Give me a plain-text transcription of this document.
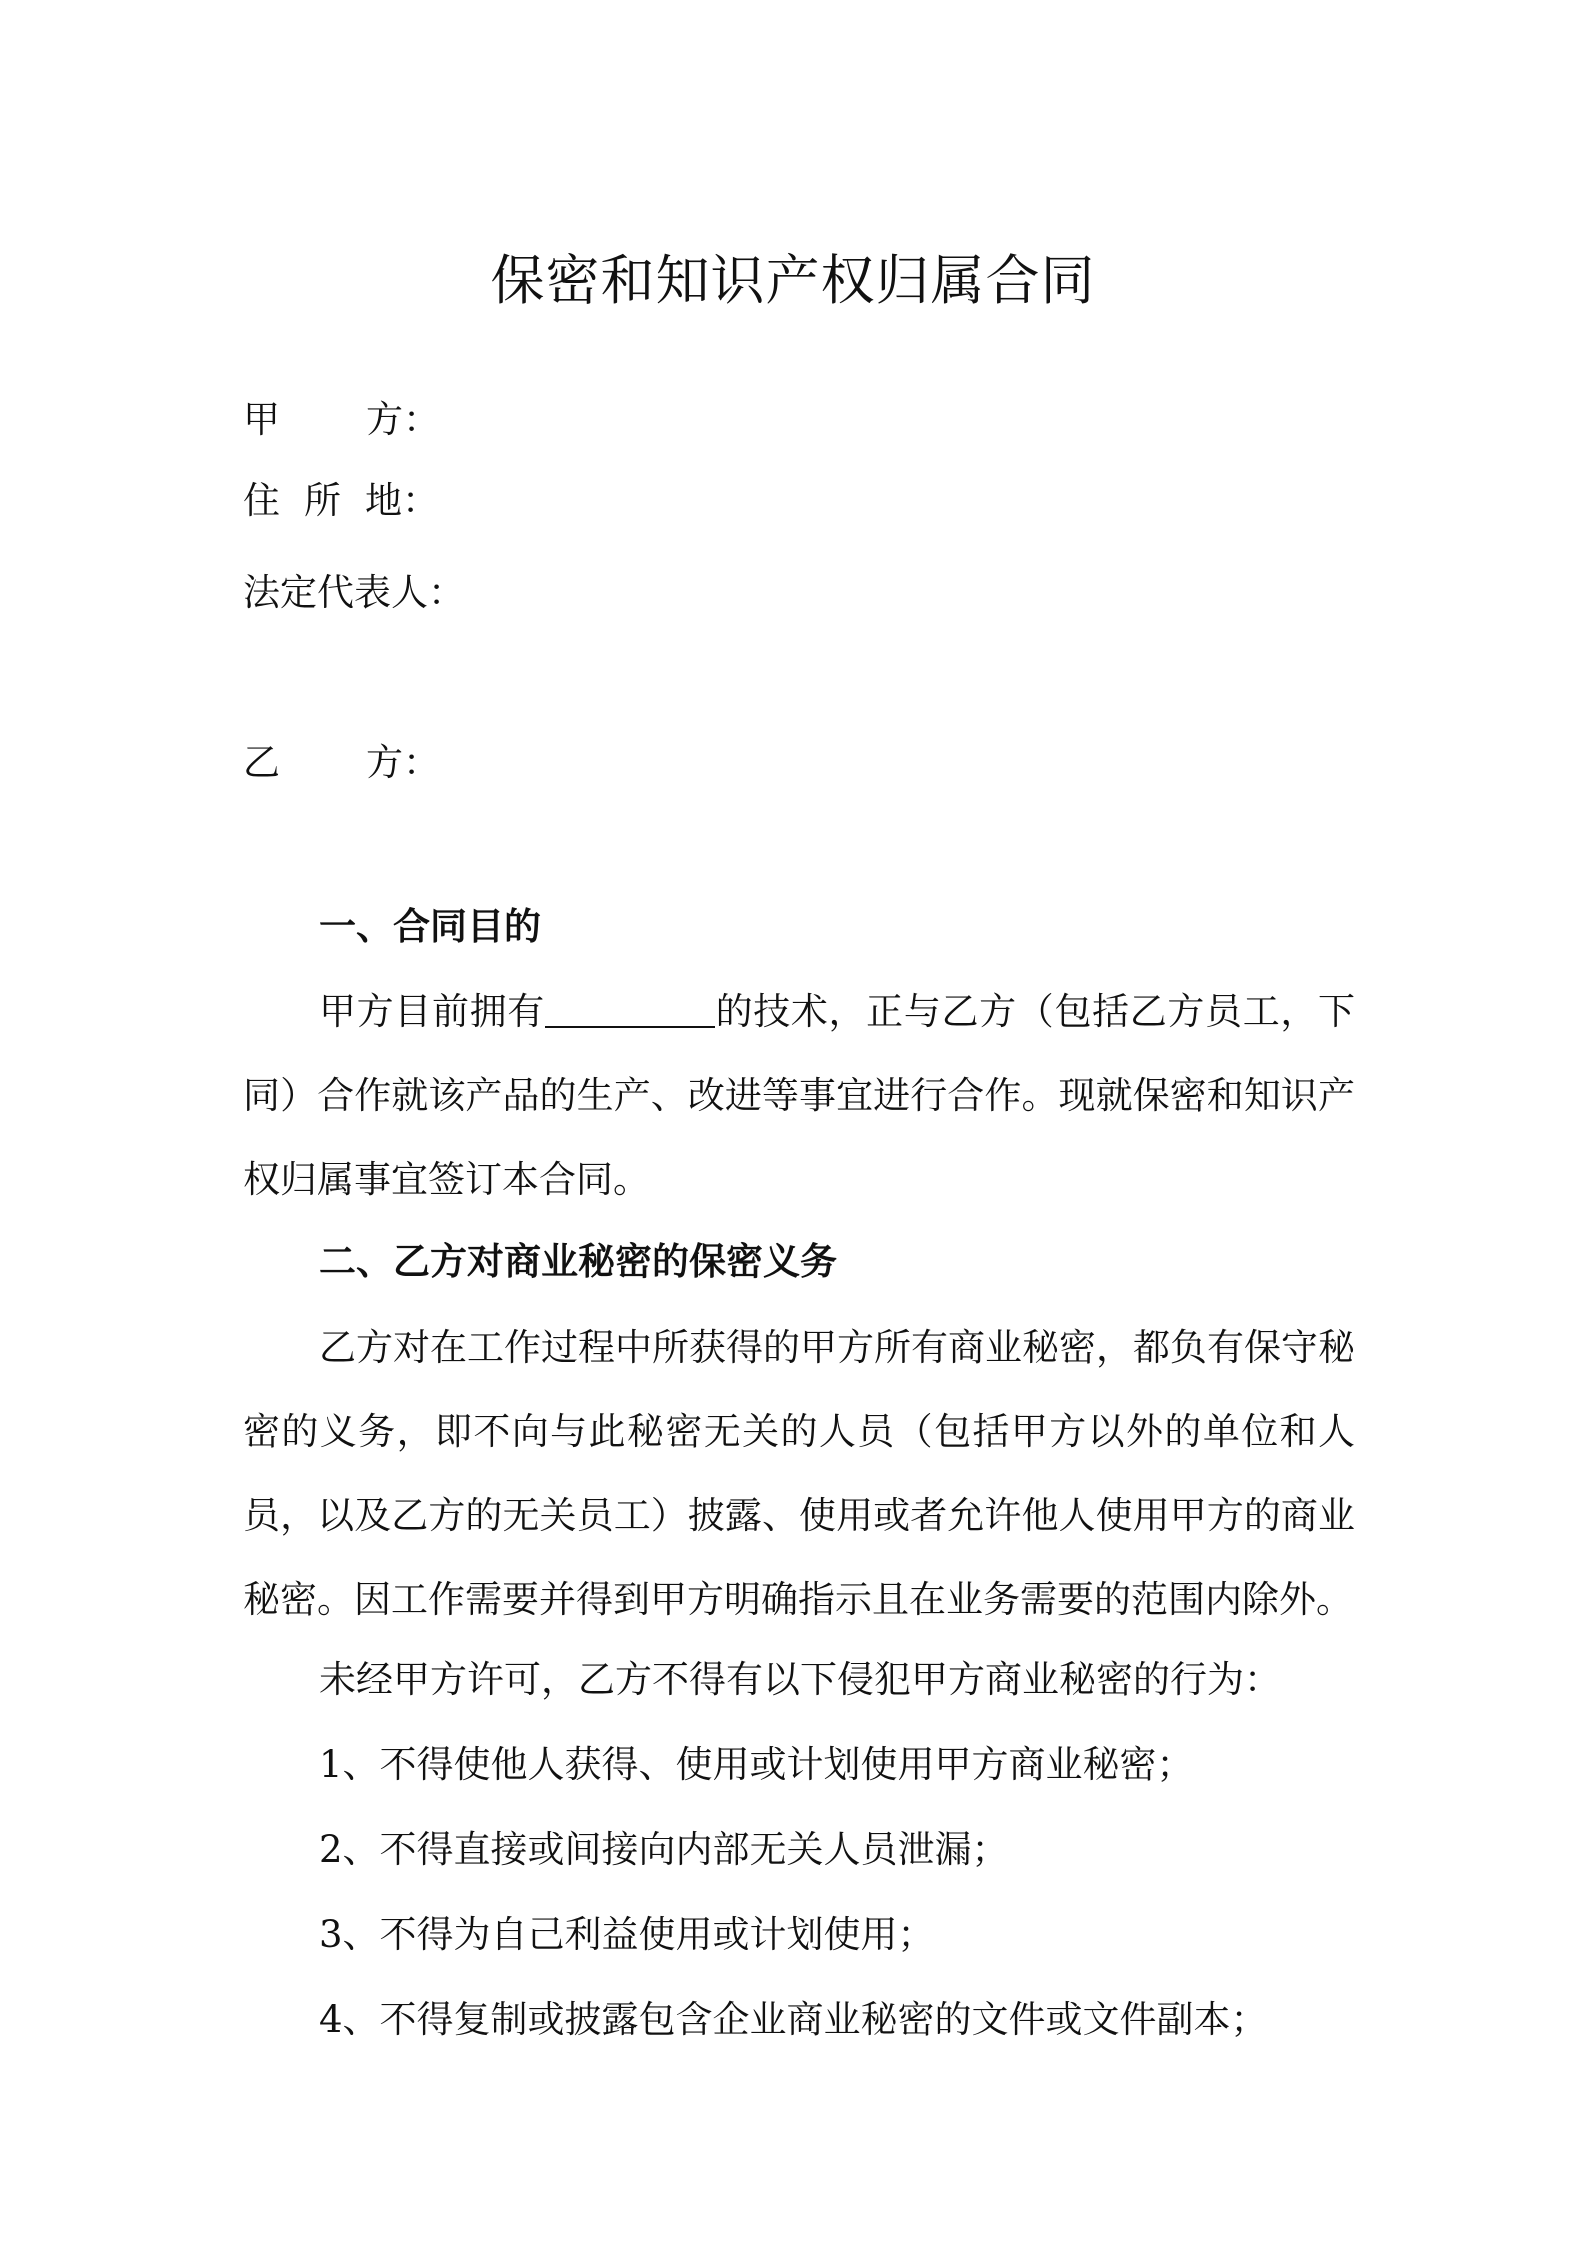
保密和知识产权归属合同
甲 方：
住 所 地：
法定代表人：
乙 方：
一、合同目的

甲方目前拥有	的技术，正与乙方（包括乙方员工，下同）合作就该产品的生产、改进等事宜进行合作。现就保密和知识产权归属事宜签订本合同。

二、乙方对商业秘密的保密义务

乙方对在工作过程中所获得的甲方所有商业秘密，都负有保守秘密的义务，即不向与此秘密无关的人员（包括甲方以外的单位和人员，以及乙方的无关员工）披露、使用或者允许他人使用甲方的商业秘密。因工作需要并得到甲方明确指示且在业务需要的范围内除外。

未经甲方许可，乙方不得有以下侵犯甲方商业秘密的行为：
1、不得使他人获得、使用或计划使用甲方商业秘密；
2、不得直接或间接向内部无关人员泄漏；
3、不得为自己利益使用或计划使用；
4、不得复制或披露包含企业商业秘密的文件或文件副本；
